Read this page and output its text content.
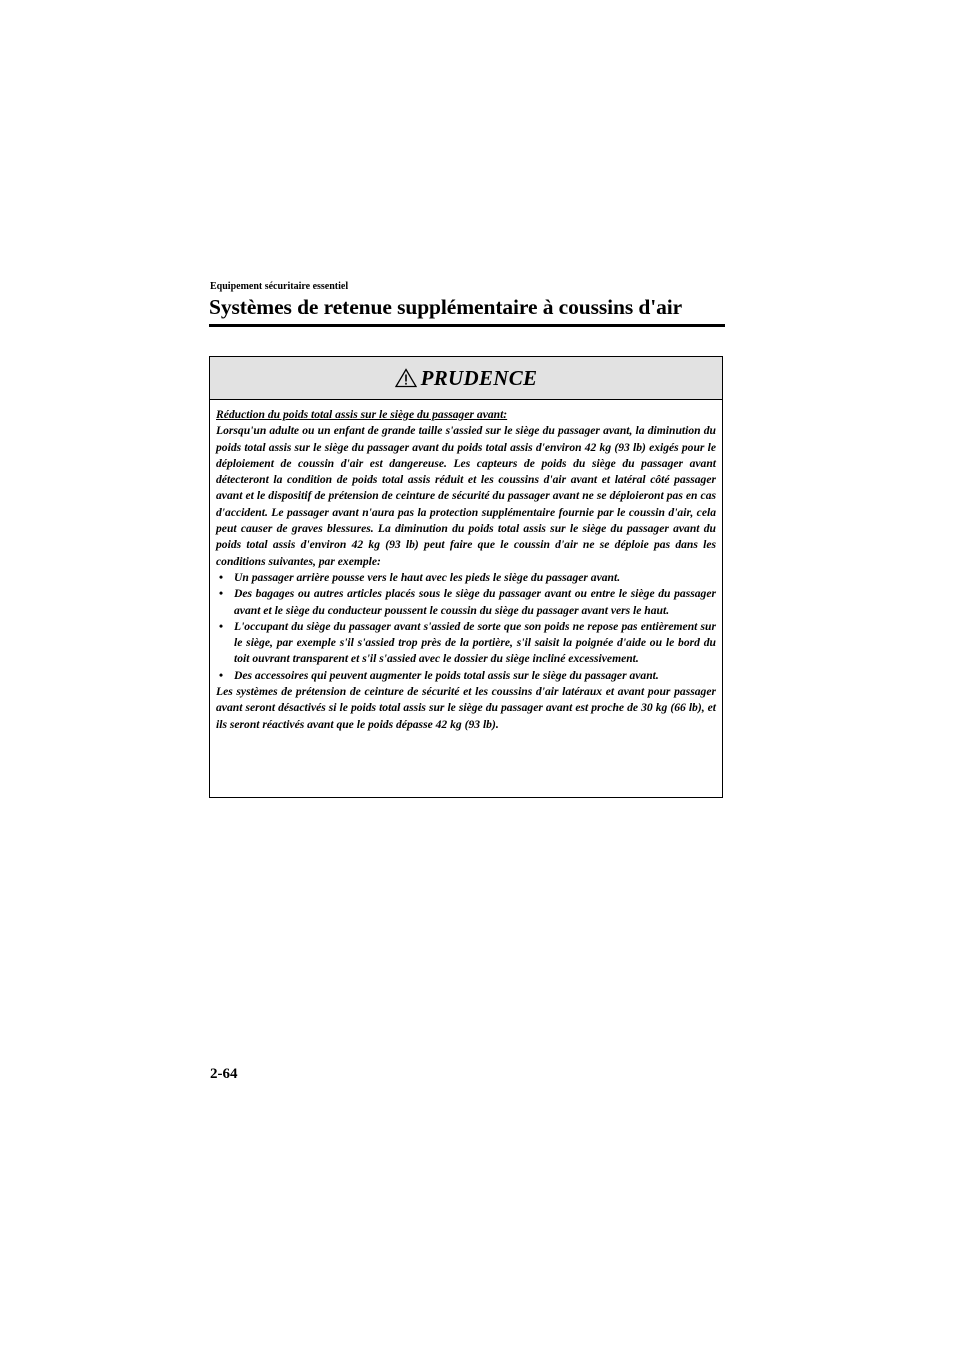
Equipement sécuritaire essentiel
Systèmes de retenue supplémentaire à coussins d'air
PRUDENCE

Réduction du poids total assis sur le siège du passager avant:

Lorsqu'un adulte ou un enfant de grande taille s'assied sur le siège du passager avant, la diminution du poids total assis sur le siège du passager avant du poids total assis d'environ 42 kg (93 lb) exigés pour le déploiement de coussin d'air est dangereuse. Les capteurs de poids du siège du passager avant détecteront la condition de poids total assis réduit et les coussins d'air avant et latéral côté passager avant et le dispositif de prétension de ceinture de sécurité du passager avant ne se déploieront pas en cas d'accident. Le passager avant n'aura pas la protection supplémentaire fournie par le coussin d'air, cela peut causer de graves blessures. La diminution du poids total assis sur le siège du passager avant du poids total assis d'environ 42 kg (93 lb) peut faire que le coussin d'air ne se déploie pas dans les conditions suivantes, par exemple:

• Un passager arrière pousse vers le haut avec les pieds le siège du passager avant.
• Des bagages ou autres articles placés sous le siège du passager avant ou entre le siège du passager avant et le siège du conducteur poussent le coussin du siège du passager avant vers le haut.
• L'occupant du siège du passager avant s'assied de sorte que son poids ne repose pas entièrement sur le siège, par exemple s'il s'assied trop près de la portière, s'il saisit la poignée d'aide ou le bord du toit ouvrant transparent et s'il s'assied avec le dossier du siège incliné excessivement.
• Des accessoires qui peuvent augmenter le poids total assis sur le siège du passager avant.

Les systèmes de prétension de ceinture de sécurité et les coussins d'air latéraux et avant pour passager avant seront désactivés si le poids total assis sur le siège du passager avant est proche de 30 kg (66 lb), et ils seront réactivés avant que le poids dépasse 42 kg (93 lb).

2-64
